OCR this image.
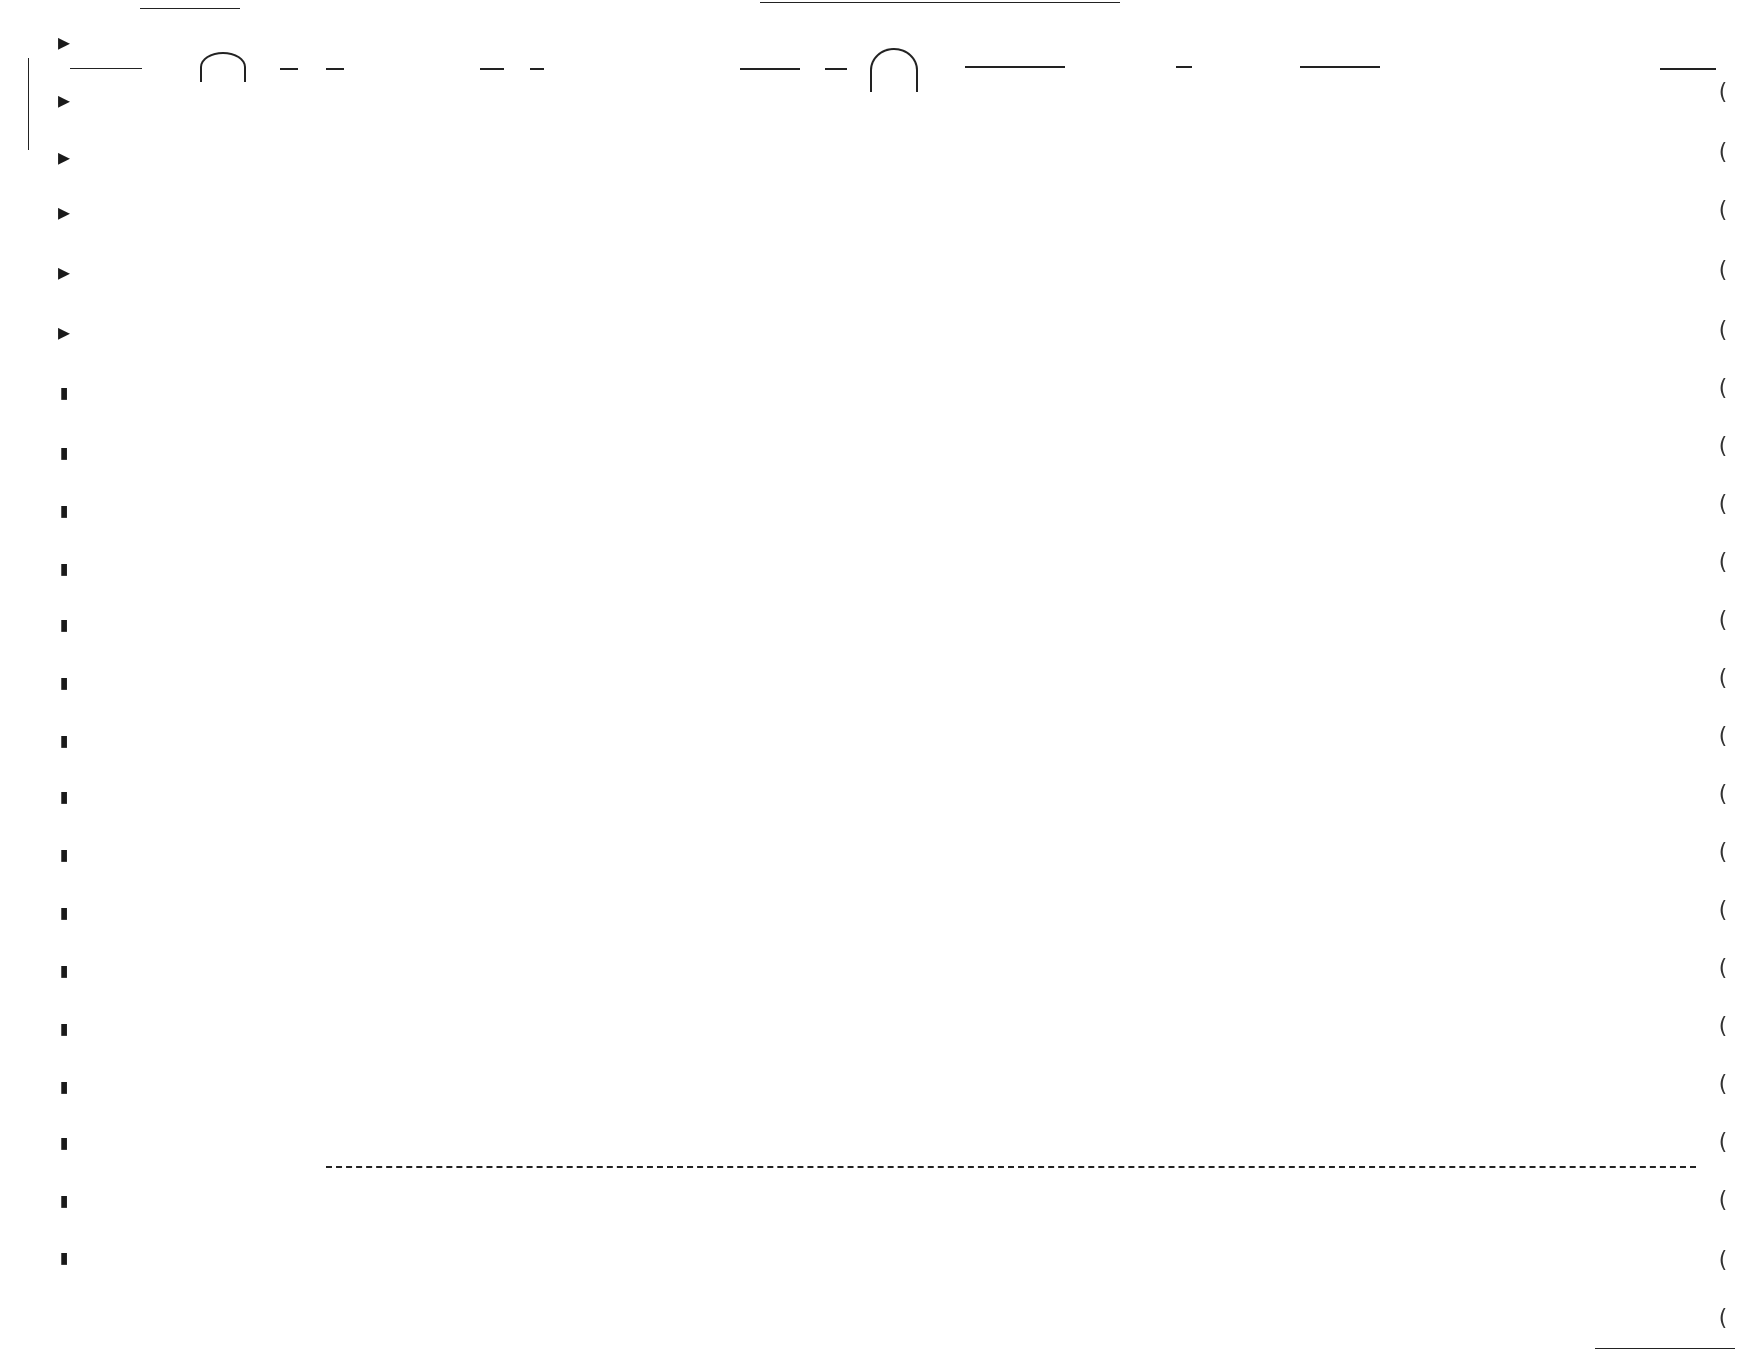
▶
▶
▶
▶
▶
▶
▮
▮
▮
▮
▮
▮
▮
▮
▮
▮
▮
▮
▮
▮
▮
▮
(
(
(
(
(
(
(
(
(
(
(
(
(
(
(
(
(
(
(
(
(
(
